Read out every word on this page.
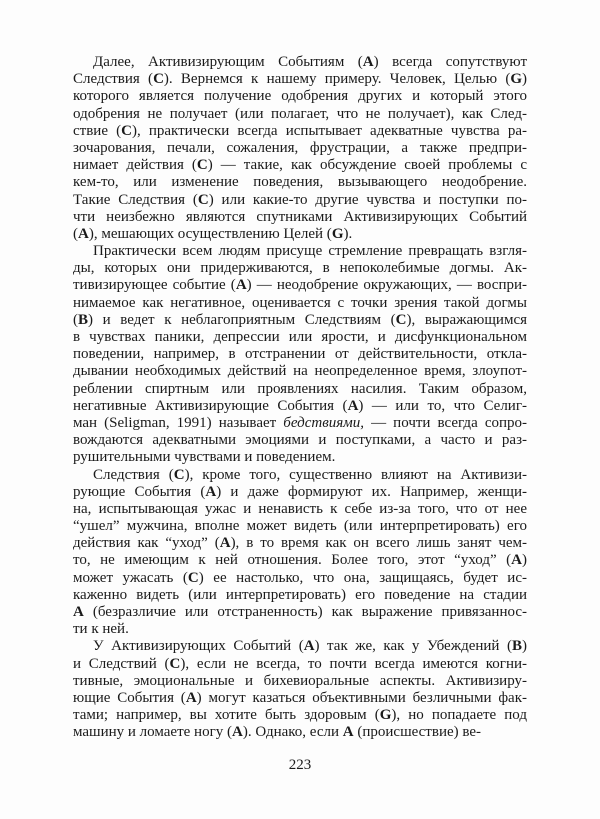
Далее, Активизирующим Событиям (A) всегда сопутствуют
Следствия (C). Вернемся к нашему примеру. Человек, Целью (G)
которого является получение одобрения других и который этого
одобрения не получает (или полагает, что не получает), как След-
ствие (C), практически всегда испытывает адекватные чувства ра-
зочарования, печали, сожаления, фрустрации, а также предпри-
нимает действия (C) — такие, как обсуждение своей проблемы с
кем-то, или изменение поведения, вызывающего неодобрение.
Такие Следствия (C) или какие-то другие чувства и поступки по-
чти неизбежно являются спутниками Активизирующих Событий
(A), мешающих осуществлению Целей (G).
Практически всем людям присуще стремление превращать взгля-
ды, которых они придерживаются, в непоколебимые догмы. Ак-
тивизирующее событие (A) — неодобрение окружающих, — воспри-
нимаемое как негативное, оценивается с точки зрения такой догмы
(B) и ведет к неблагоприятным Следствиям (C), выражающимся
в чувствах паники, депрессии или ярости, и дисфункциональном
поведении, например, в отстранении от действительности, откла-
дывании необходимых действий на неопределенное время, злоупот-
реблении спиртным или проявлениях насилия. Таким образом,
негативные Активизирующие События (A) — или то, что Селиг-
ман (Seligman, 1991) называет бедствиями, — почти всегда сопро-
вождаются адекватными эмоциями и поступками, а часто и раз-
рушительными чувствами и поведением.
Следствия (C), кроме того, существенно влияют на Активизи-
рующие События (A) и даже формируют их. Например, женщи-
на, испытывающая ужас и ненависть к себе из-за того, что от нее
“ушел” мужчина, вполне может видеть (или интерпретировать) его
действия как “уход” (A), в то время как он всего лишь занят чем-
то, не имеющим к ней отношения. Более того, этот “уход” (A)
может ужасать (C) ее настолько, что она, защищаясь, будет ис-
каженно видеть (или интерпретировать) его поведение на стадии
A (безразличие или отстраненность) как выражение привязаннос-
ти к ней.
У Активизирующих Событий (A) так же, как у Убеждений (B)
и Следствий (C), если не всегда, то почти всегда имеются когни-
тивные, эмоциональные и бихевиоральные аспекты. Активизиру-
ющие События (A) могут казаться объективными безличными фак-
тами; например, вы хотите быть здоровым (G), но попадаете под
машину и ломаете ногу (A). Однако, если A (происшествие) ве-
223
